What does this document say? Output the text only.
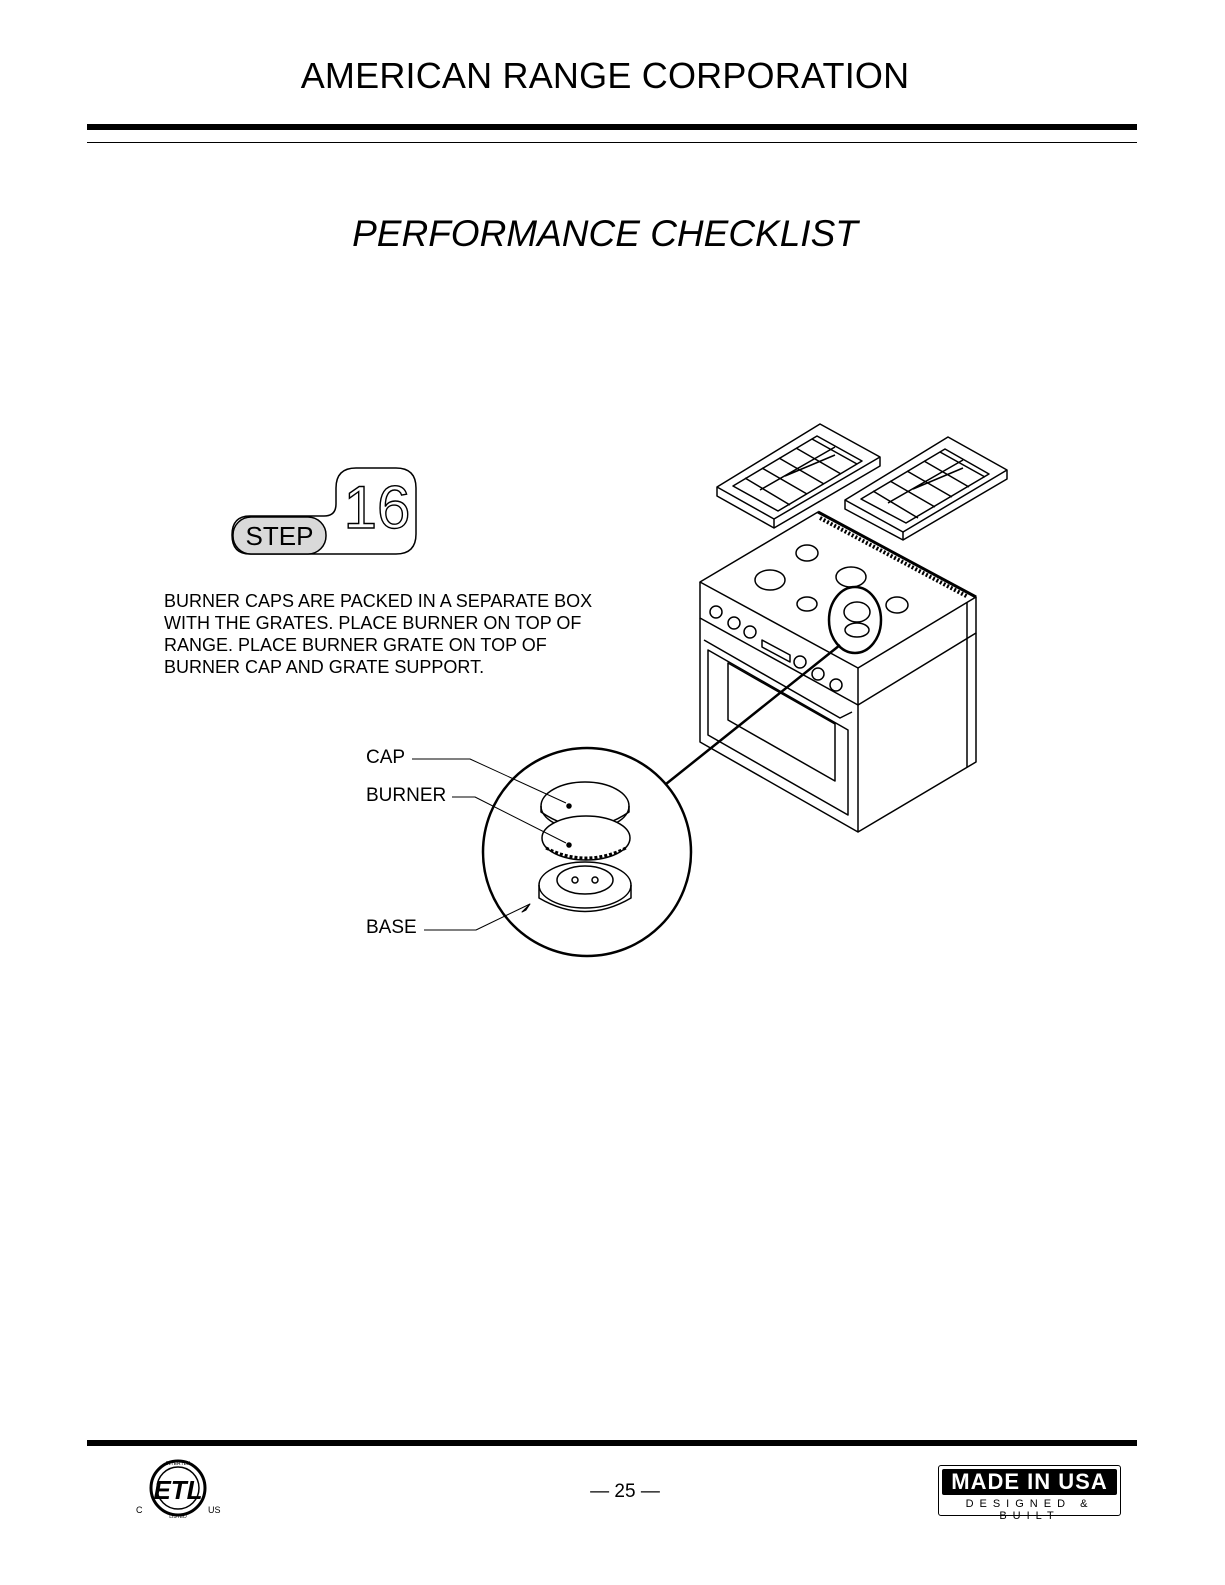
AMERICAN RANGE CORPORATION
PERFORMANCE CHECKLIST
STEP 16
BURNER CAPS ARE PACKED IN A SEPARATE BOX
WITH THE GRATES. PLACE BURNER ON TOP OF
RANGE. PLACE BURNER GRATE ON TOP OF
BURNER CAP AND GRATE SUPPORT.
CAP
BURNER
BASE
ETL
INTERTEK
LISTED
C	US
— 25 —	MADE IN USA
DESIGNED & BUILT
